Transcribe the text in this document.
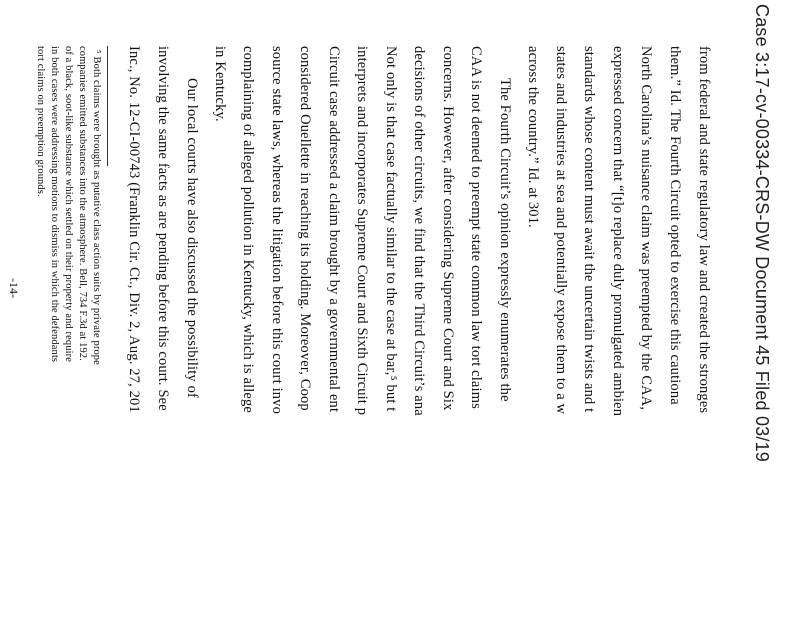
Case 3:17-cv-00334-CRS-DW Document 45 Filed 03/19
from federal and state regulatory law and created the stronges
them.” Id. The Fourth Circuit opted to exercise this cautiona
North Carolina’s nuisance claim was preempted by the CAA,
expressed concern that “[t]o replace duly promulgated ambien
standards whose content must await the uncertain twists and t
states and industries at sea and potentially expose them to a w
across the country.” Id. at 301.
The Fourth Circuit’s opinion expressly enumerates the
CAA is not deemed to preempt state common law tort claims
concerns. However, after considering Supreme Court and Six
decisions of other circuits, we find that the Third Circuit’s ana
Not only is that case factually similar to the case at bar,⁵ but t
interprets and incorporates Supreme Court and Sixth Circuit p
Circuit case addressed a claim brought by a governmental ent
considered Ouellette in reaching its holding. Moreover, Coop
source state laws, whereas the litigation before this court invo
complaining of alleged pollution in Kentucky, which is allege
in Kentucky.
Our local courts have also discussed the possibility of
involving the same facts as are pending before this court. See
Inc., No. 12-CI-00743 (Franklin Cir. Ct., Div. 2, Aug. 27, 201
⁵ Both claims were brought as putative class action suits by private prope
companies emitted substances into the atmosphere. Bell, 734 F.3d at 192.
of a black, soot-like substance which settled on their property and require
in both cases were addressing motions to dismiss in which the defendants
tort claims on preemption grounds.
-14-
